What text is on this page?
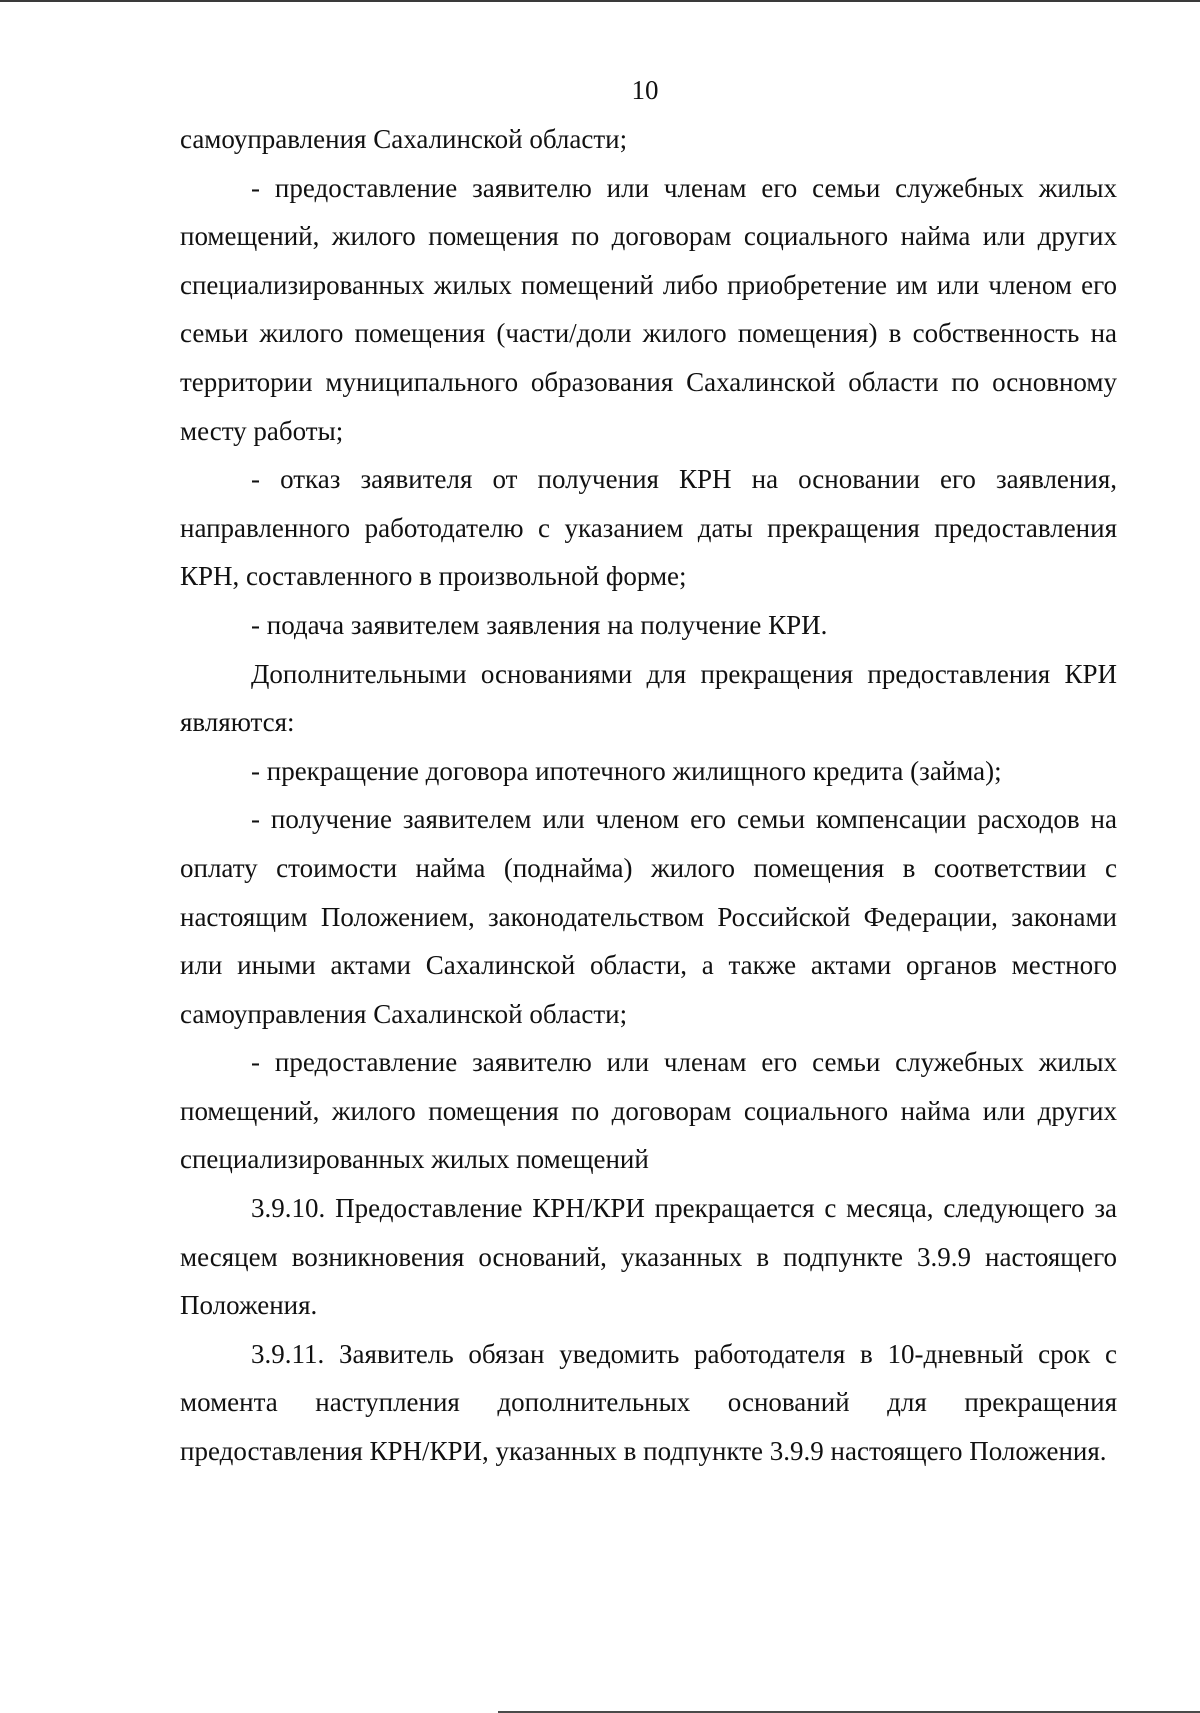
10

самоуправления Сахалинской области;

- предоставление заявителю или членам его семьи служебных жилых помещений, жилого помещения по договорам социального найма или других специализированных жилых помещений либо приобретение им или членом его семьи жилого помещения (части/доли жилого помещения) в собственность на территории муниципального образования Сахалинской области по основному месту работы;

- отказ заявителя от получения КРН на основании его заявления, направленного работодателю с указанием даты прекращения предоставления КРН, составленного в произвольной форме;

- подача заявителем заявления на получение КРИ.

Дополнительными основаниями для прекращения предоставления КРИ являются:

- прекращение договора ипотечного жилищного кредита (займа);

- получение заявителем или членом его семьи компенсации расходов на оплату стоимости найма (поднайма) жилого помещения в соответствии с настоящим Положением, законодательством Российской Федерации, законами или иными актами Сахалинской области, а также актами органов местного самоуправления Сахалинской области;

- предоставление заявителю или членам его семьи служебных жилых помещений, жилого помещения по договорам социального найма или других специализированных жилых помещений

3.9.10. Предоставление КРН/КРИ прекращается с месяца, следующего за месяцем возникновения оснований, указанных в подпункте 3.9.9 настоящего Положения.

3.9.11. Заявитель обязан уведомить работодателя в 10-дневный срок с момента наступления дополнительных оснований для прекращения предоставления КРН/КРИ, указанных в подпункте 3.9.9 настоящего Положения.
